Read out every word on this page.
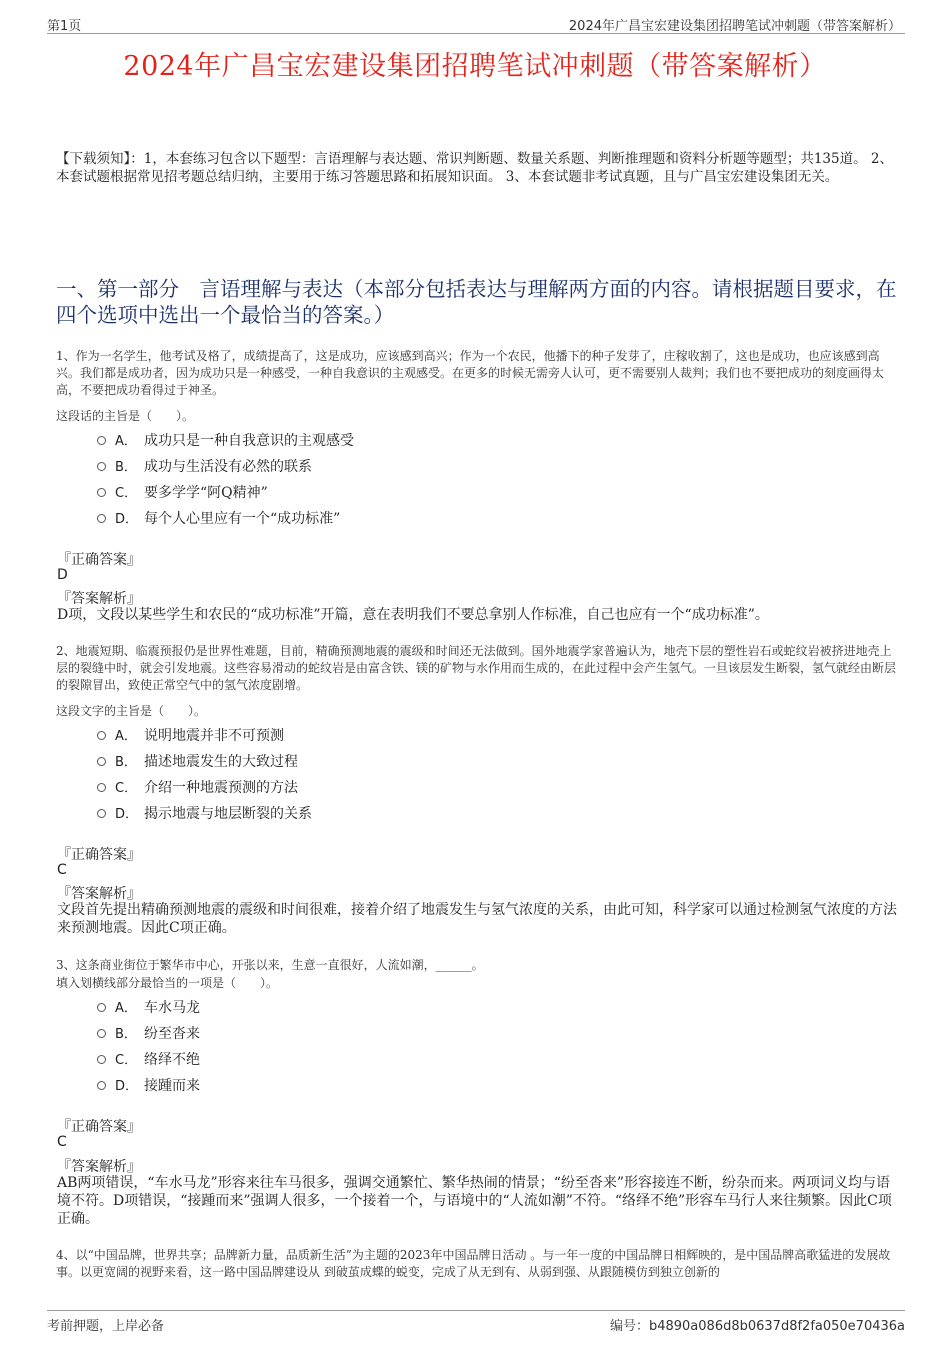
第1页	2024年广昌宝宏建设集团招聘笔试冲刺题（带答案解析）
2024年广昌宝宏建设集团招聘笔试冲刺题（带答案解析）
【下载须知】：1，本套练习包含以下题型：言语理解与表达题、常识判断题、数量关系题、判断推理题和资料分析题等题型；共135道。 2、本套试题根据常见招考题总结归纳，主要用于练习答题思路和拓展知识面。 3、本套试题非考试真题，且与广昌宝宏建设集团无关。
一、第一部分　言语理解与表达（本部分包括表达与理解两方面的内容。请根据题目要求，在四个选项中选出一个最恰当的答案。）
1、作为一名学生，他考试及格了，成绩提高了，这是成功，应该感到高兴；作为一个农民，他播下的种子发芽了，庄稼收割了，这也是成功，也应该感到高兴。我们都是成功者，因为成功只是一种感受，一种自我意识的主观感受。在更多的时候无需旁人认可，更不需要别人裁判；我们也不要把成功的刻度画得太高，不要把成功看得过于神圣。
这段话的主旨是（　　）。
A． 成功只是一种自我意识的主观感受
B． 成功与生活没有必然的联系
C． 要多学学“阿Q精神”
D． 每个人心里应有一个“成功标准”
『正确答案』
D
『答案解析』
D项，文段以某些学生和农民的“成功标准”开篇，意在表明我们不要总拿别人作标准，自己也应有一个“成功标准”。
2、地震短期、临震预报仍是世界性难题，目前，精确预测地震的震级和时间还无法做到。国外地震学家普遍认为，地壳下层的塑性岩石或蛇纹岩被挤进地壳上层的裂缝中时，就会引发地震。这些容易滑动的蛇纹岩是由富含铁、镁的矿物与水作用而生成的，在此过程中会产生氢气。一旦该层发生断裂，氢气就经由断层的裂隙冒出，致使正常空气中的氢气浓度剧增。
这段文字的主旨是（　　）。
A． 说明地震并非不可预测
B． 描述地震发生的大致过程
C． 介绍一种地震预测的方法
D． 揭示地震与地层断裂的关系
『正确答案』
C
『答案解析』
文段首先提出精确预测地震的震级和时间很难，接着介绍了地震发生与氢气浓度的关系，由此可知，科学家可以通过检测氢气浓度的方法来预测地震。因此C项正确。
3、这条商业街位于繁华市中心，开张以来，生意一直很好，人流如潮，______。
填入划横线部分最恰当的一项是（　　）。
A． 车水马龙
B． 纷至沓来
C． 络绎不绝
D． 接踵而来
『正确答案』
C
『答案解析』
AB两项错误，“车水马龙”形容来往车马很多，强调交通繁忙、繁华热闹的情景；“纷至沓来”形容接连不断，纷杂而来。两项词义均与语境不符。D项错误，“接踵而来”强调人很多，一个接着一个，与语境中的“人流如潮”不符。“络绎不绝”形容车马行人来往频繁。因此C项正确。
4、以“中国品牌，世界共享；品牌新力量，品质新生活”为主题的2023年中国品牌日活动 。与一年一度的中国品牌日相辉映的，是中国品牌高歌猛进的发展故事。以更宽阔的视野来看，这一路中国品牌建设从 到破茧成蝶的蜕变，完成了从无到有、从弱到强、从跟随模仿到独立创新的
考前押题，上岸必备	编号：b4890a086d8b0637d8f2fa050e70436a
